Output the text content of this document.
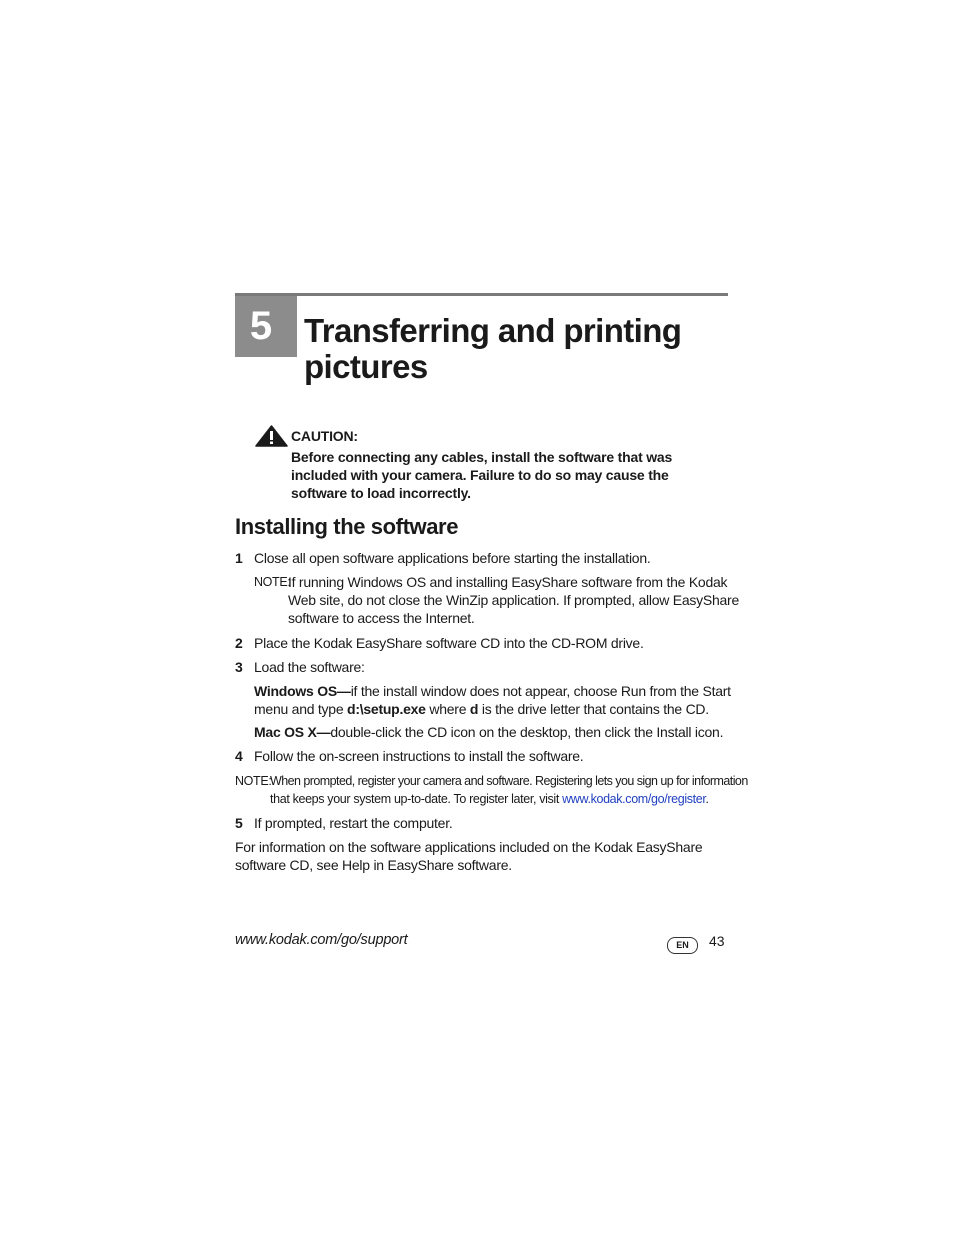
5 Transferring and printing
pictures
CAUTION:
Before connecting any cables, install the software that was
included with your camera. Failure to do so may cause the
software to load incorrectly.
Installing the software
1 Close all open software applications before starting the installation.
NOTE:
If running Windows OS and installing EasyShare software from the Kodak
Web site, do not close the WinZip application. If prompted, allow EasyShare
software to access the Internet.
2 Place the Kodak EasyShare software CD into the CD-ROM drive.
3 Load the software:
Windows OS—if the install window does not appear, choose Run from the Start
menu and type d:\setup.exe where d is the drive letter that contains the CD.
Mac OS X—double-click the CD icon on the desktop, then click the Install icon.
4 Follow the on-screen instructions to install the software.
NOTE:
When prompted, register your camera and software. Registering lets you sign up for information
that keeps your system up-to-date. To register later, visit www.kodak.com/go/register.
5 If prompted, restart the computer.
For information on the software applications included on the Kodak EasyShare
software CD, see Help in EasyShare software.
www.kodak.com/go/support	EN	43
